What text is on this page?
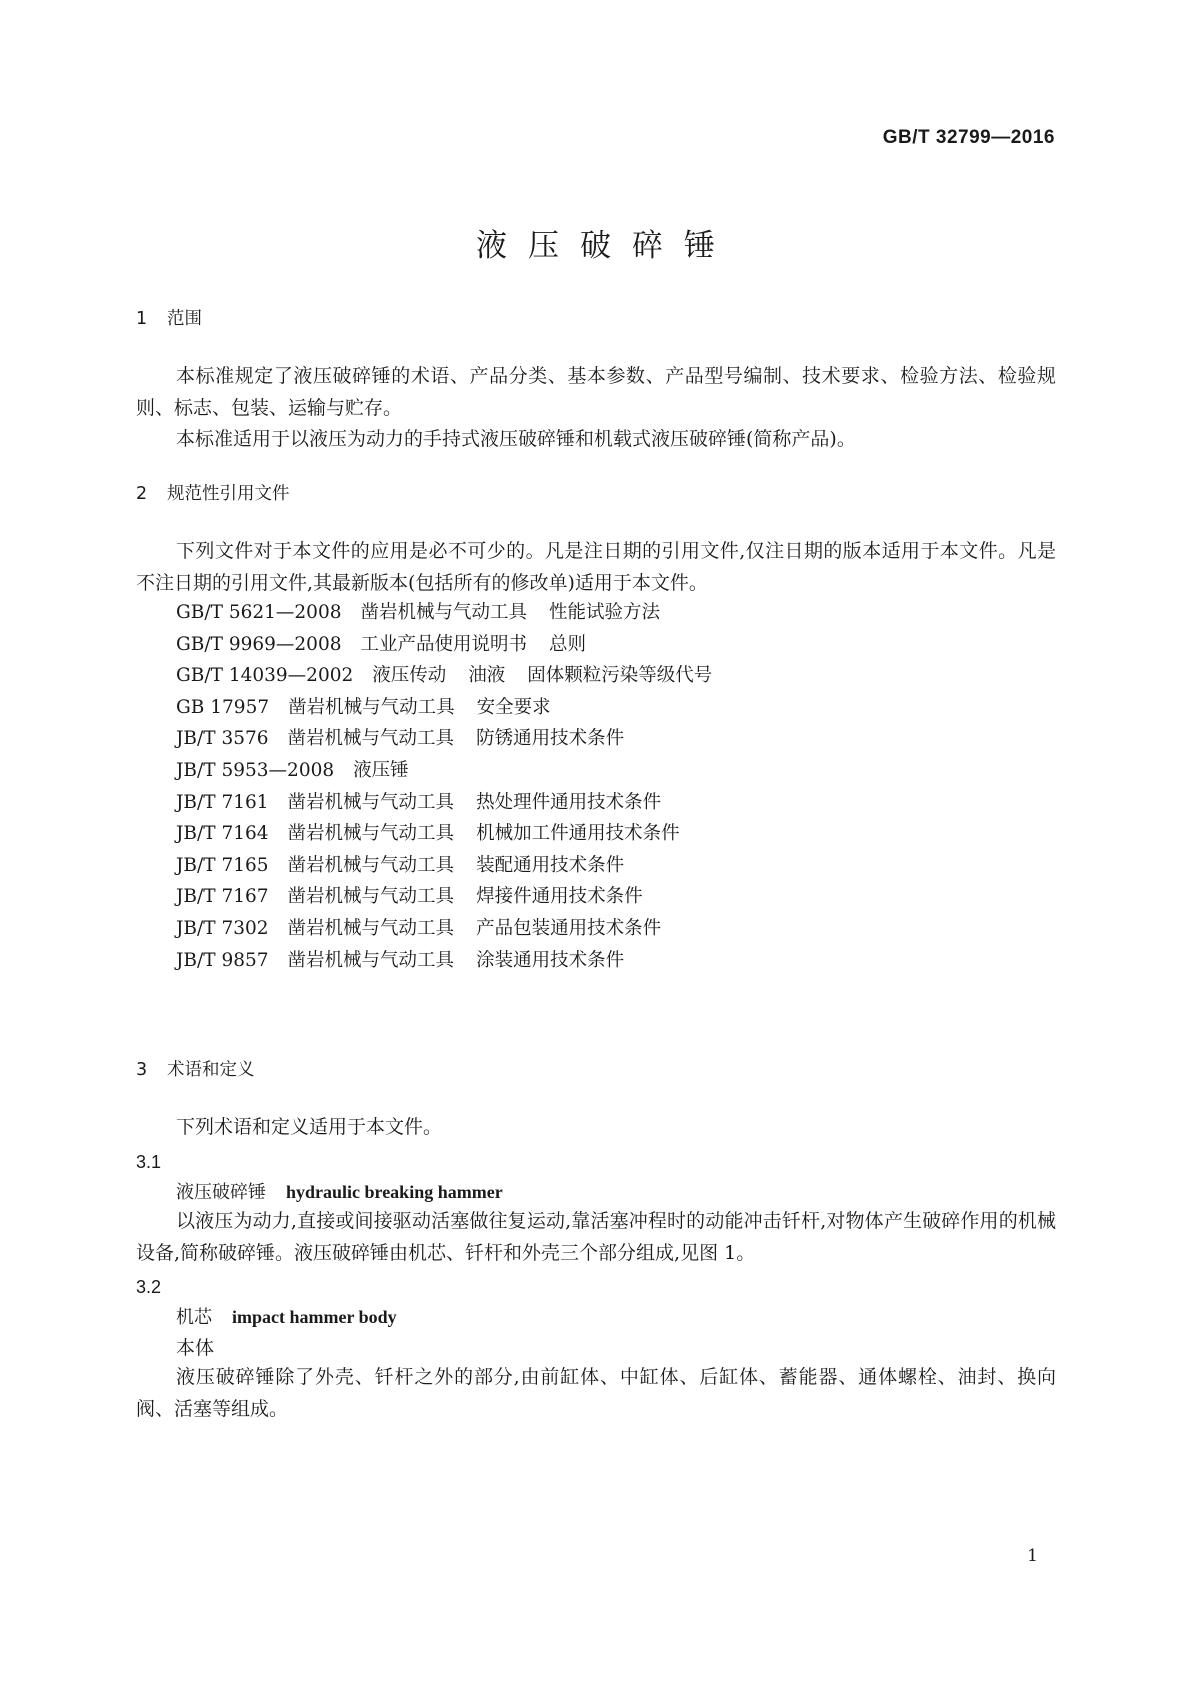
GB/T 32799—2016
液压破碎锤
1 范围

本标准规定了液压破碎锤的术语、产品分类、基本参数、产品型号编制、技术要求、检验方法、检验规则、标志、包装、运输与贮存。

本标准适用于以液压为动力的手持式液压破碎锤和机载式液压破碎锤(简称产品)。

2 规范性引用文件

下列文件对于本文件的应用是必不可少的。凡是注日期的引用文件,仅注日期的版本适用于本文件。凡是不注日期的引用文件,其最新版本(包括所有的修改单)适用于本文件。

GB/T 5621—2008 凿岩机械与气动工具 性能试验方法
GB/T 9969—2008 工业产品使用说明书 总则
GB/T 14039—2002 液压传动 油液 固体颗粒污染等级代号
GB 17957 凿岩机械与气动工具 安全要求
JB/T 3576 凿岩机械与气动工具 防锈通用技术条件
JB/T 5953—2008 液压锤
JB/T 7161 凿岩机械与气动工具 热处理件通用技术条件
JB/T 7164 凿岩机械与气动工具 机械加工件通用技术条件
JB/T 7165 凿岩机械与气动工具 装配通用技术条件
JB/T 7167 凿岩机械与气动工具 焊接件通用技术条件
JB/T 7302 凿岩机械与气动工具 产品包装通用技术条件
JB/T 9857 凿岩机械与气动工具 涂装通用技术条件
3 术语和定义

下列术语和定义适用于本文件。

3.1
液压破碎锤 hydraulic breaking hammer

以液压为动力,直接或间接驱动活塞做往复运动,靠活塞冲程时的动能冲击钎杆,对物体产生破碎作用的机械设备,简称破碎锤。液压破碎锤由机芯、钎杆和外壳三个部分组成,见图 1。

3.2
机芯 impact hammer body
本体

液压破碎锤除了外壳、钎杆之外的部分,由前缸体、中缸体、后缸体、蓄能器、通体螺栓、油封、换向阀、活塞等组成。

1
